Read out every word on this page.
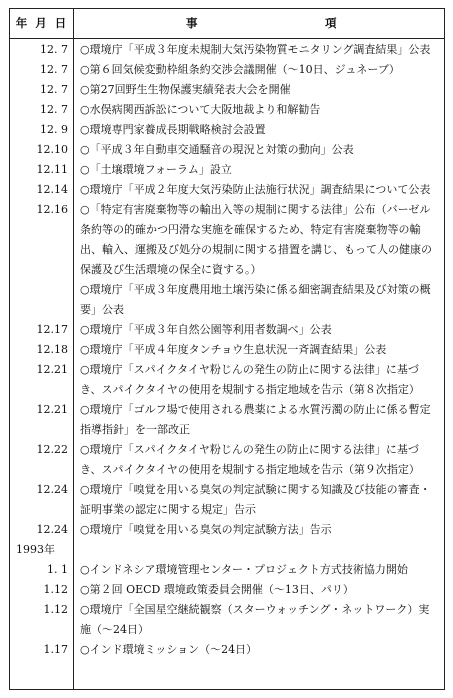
年 月 日	事	項
12. 7 ○環境庁「平成３年度未規制大気汚染物質モニタリング調査結果」公表
12. 7 ○第６回気候変動枠組条約交渉会議開催（〜10日、ジュネーブ）
12. 7 ○第27回野生生物保護実績発表大会を開催
12. 7 ○水俣病関西訴訟について大阪地裁より和解勧告
12. 9 ○環境専門家養成長期戦略検討会設置
12.10 ○「平成３年自動車交通騒音の現況と対策の動向」公表
12.11 ○「土壌環境フォーラム」設立
12.14 ○環境庁「平成２年度大気汚染防止法施行状況」調査結果について公表
12.16 ○「特定有害廃棄物等の輸出入等の規制に関する法律」公布（バーゼル条約等の的確かつ円滑な実施を確保するため、特定有害廃棄物等の輸出、輸入、運搬及び処分の規制に関する措置を講じ、もって人の健康の保護及び生活環境の保全に資する。）
○環境庁「平成３年度農用地土壌汚染に係る細密調査結果及び対策の概要」公表
12.17 ○環境庁「平成３年自然公園等利用者数調べ」公表
12.18 ○環境庁「平成４年度タンチョウ生息状況一斉調査結果」公表
12.21 ○環境庁「スパイクタイヤ粉じんの発生の防止に関する法律」に基づき、スパイクタイヤの使用を規制する指定地域を告示（第８次指定）
12.21 ○環境庁「ゴルフ場で使用される農薬による水質汚濁の防止に係る暫定指導指針」を一部改正
12.22 ○環境庁「スパイクタイヤ粉じんの発生の防止に関する法律」に基づき、スパイクタイヤの使用を規制する指定地域を告示（第９次指定）
12.24 ○環境庁「嗅覚を用いる臭気の判定試験に関する知識及び技能の審査・証明事業の認定に関する規定」告示
12.24 ○環境庁「嗅覚を用いる臭気の判定試験方法」告示
1993年
1. 1 ○インドネシア環境管理センター・プロジェクト方式技術協力開始
1.12 ○第２回 OECD 環境政策委員会開催（〜13日、パリ）
1.12 ○環境庁「全国星空継続観察（スターウォッチング・ネットワーク）実施（〜24日）
1.17 ○インド環境ミッション（〜24日）
